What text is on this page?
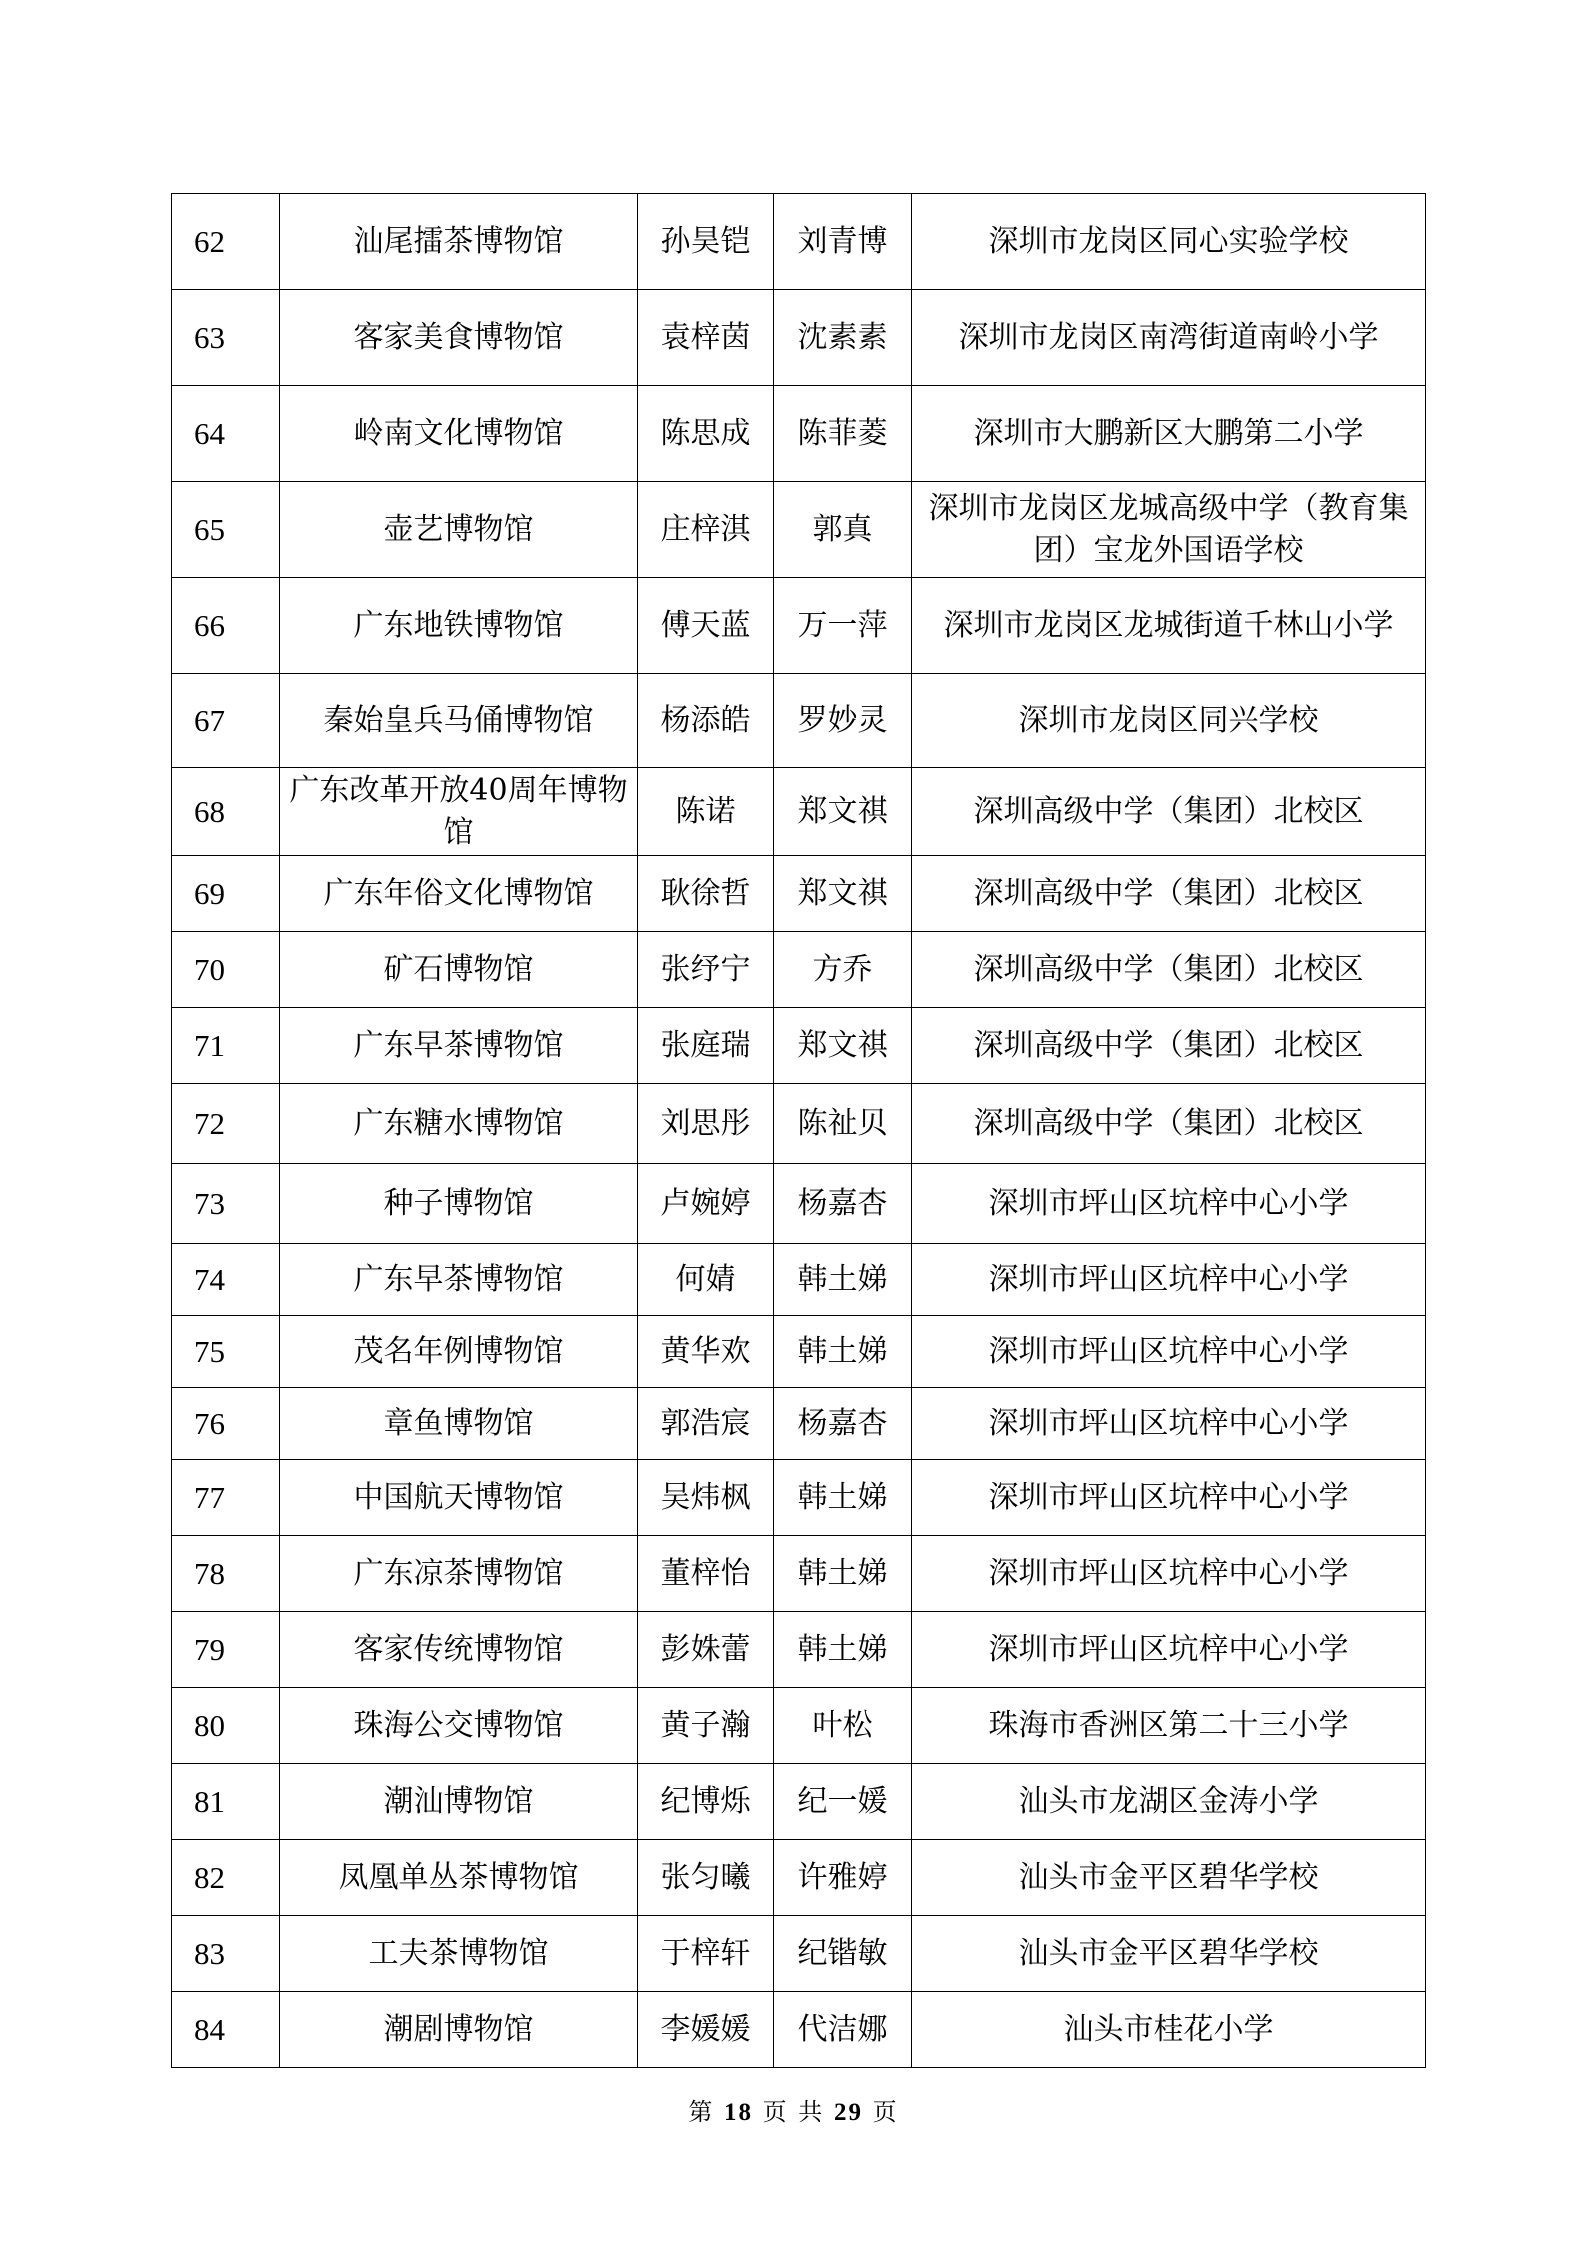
62	汕尾擂茶博物馆	孙昊铠	刘青博	深圳市龙岗区同心实验学校
63	客家美食博物馆	袁梓茵	沈素素	深圳市龙岗区南湾街道南岭小学
64	岭南文化博物馆	陈思成	陈菲菱	深圳市大鹏新区大鹏第二小学
65	壶艺博物馆	庄梓淇	郭真	深圳市龙岗区龙城高级中学（教育集团）宝龙外国语学校
66	广东地铁博物馆	傅天蓝	万一萍	深圳市龙岗区龙城街道千林山小学
67	秦始皇兵马俑博物馆	杨添皓	罗妙灵	深圳市龙岗区同兴学校
68	广东改革开放40周年博物馆	陈诺	郑文祺	深圳高级中学（集团）北校区
69	广东年俗文化博物馆	耿徐哲	郑文祺	深圳高级中学（集团）北校区
70	矿石博物馆	张纾宁	方乔	深圳高级中学（集团）北校区
71	广东早茶博物馆	张庭瑞	郑文祺	深圳高级中学（集团）北校区
72	广东糖水博物馆	刘思彤	陈祉贝	深圳高级中学（集团）北校区
73	种子博物馆	卢婉婷	杨嘉杏	深圳市坪山区坑梓中心小学
74	广东早茶博物馆	何婧	韩土娣	深圳市坪山区坑梓中心小学
75	茂名年例博物馆	黄华欢	韩土娣	深圳市坪山区坑梓中心小学
76	章鱼博物馆	郭浩宸	杨嘉杏	深圳市坪山区坑梓中心小学
77	中国航天博物馆	吴炜枫	韩土娣	深圳市坪山区坑梓中心小学
78	广东凉茶博物馆	董梓怡	韩土娣	深圳市坪山区坑梓中心小学
79	客家传统博物馆	彭姝蕾	韩土娣	深圳市坪山区坑梓中心小学
80	珠海公交博物馆	黄子瀚	叶松	珠海市香洲区第二十三小学
81	潮汕博物馆	纪博烁	纪一媛	汕头市龙湖区金涛小学
82	凤凰单丛茶博物馆	张匀曦	许雅婷	汕头市金平区碧华学校
83	工夫茶博物馆	于梓轩	纪锴敏	汕头市金平区碧华学校
84	潮剧博物馆	李媛媛	代洁娜	汕头市桂花小学
第 18 页 共 29 页
